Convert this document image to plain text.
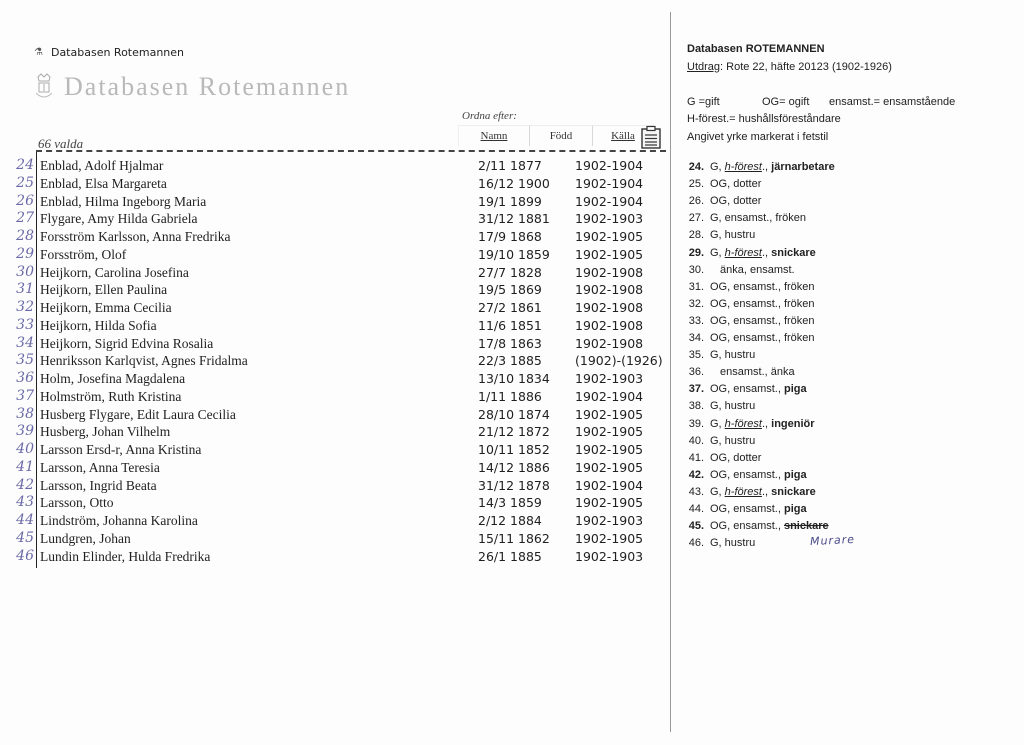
⚗ Databasen Rotemannen
Databasen Rotemannen
66 valda
Ordna efter:
Namn	Född	Källa
24 Enblad, Adolf Hjalmar	2/11 1877	1902-1904
25 Enblad, Elsa Margareta	16/12 1900 1902-1904
26 Enblad, Hilma Ingeborg Maria	19/1 1899	1902-1904
27 Flygare, Amy Hilda Gabriela	31/12 1881 1902-1903
28 Forsström Karlsson, Anna Fredrika	17/9 1868	1902-1905
29 Forsström, Olof	19/10 1859 1902-1905
30 Heijkorn, Carolina Josefina	27/7 1828	1902-1908
31 Heijkorn, Ellen Paulina	19/5 1869	1902-1908
32 Heijkorn, Emma Cecilia	27/2 1861	1902-1908
33 Heijkorn, Hilda Sofia	11/6 1851	1902-1908
34 Heijkorn, Sigrid Edvina Rosalia	17/8 1863	1902-1908
35 Henriksson Karlqvist, Agnes Fridalma	22/3 1885	(1902)-(1926)
36 Holm, Josefina Magdalena	13/10 1834 1902-1903
37 Holmström, Ruth Kristina	1/11 1886	1902-1904
38 Husberg Flygare, Edit Laura Cecilia	28/10 1874 1902-1905
39 Husberg, Johan Vilhelm	21/12 1872 1902-1905
40 Larsson Ersd-r, Anna Kristina	10/11 1852 1902-1905
41 Larsson, Anna Teresia	14/12 1886 1902-1905
42 Larsson, Ingrid Beata	31/12 1878 1902-1904
43 Larsson, Otto	14/3 1859	1902-1905
44 Lindström, Johanna Karolina	2/12 1884	1902-1903
45 Lundgren, Johan	15/11 1862 1902-1905
46 Lundin Elinder, Hulda Fredrika	26/1 1885	1902-1903
Databasen ROTEMANNEN
Utdrag: Rote 22, häfte 20123 (1902-1926)
G =gift	OG= ogift ensamst.= ensamstående
H-förest.= hushållsföreståndare
Angivet yrke markerat i fetstil
24. G, h-förest., järnarbetare
25. OG, dotter
26. OG, dotter
27. G, ensamst., fröken
28. G, hustru
29. G, h-förest., snickare
30. änka, ensamst.
31. OG, ensamst., fröken
32. OG, ensamst., fröken
33. OG, ensamst., fröken
34. OG, ensamst., fröken
35. G, hustru
36. ensamst., änka
37. OG, ensamst., piga
38. G, hustru
39. G, h-förest., ingeniör
40. G, hustru
41. OG, dotter
42. OG, ensamst., piga
43. G, h-förest., snickare
44. OG, ensamst., piga
45. OG, ensamst., snickare
46. G, hustru	Murare
